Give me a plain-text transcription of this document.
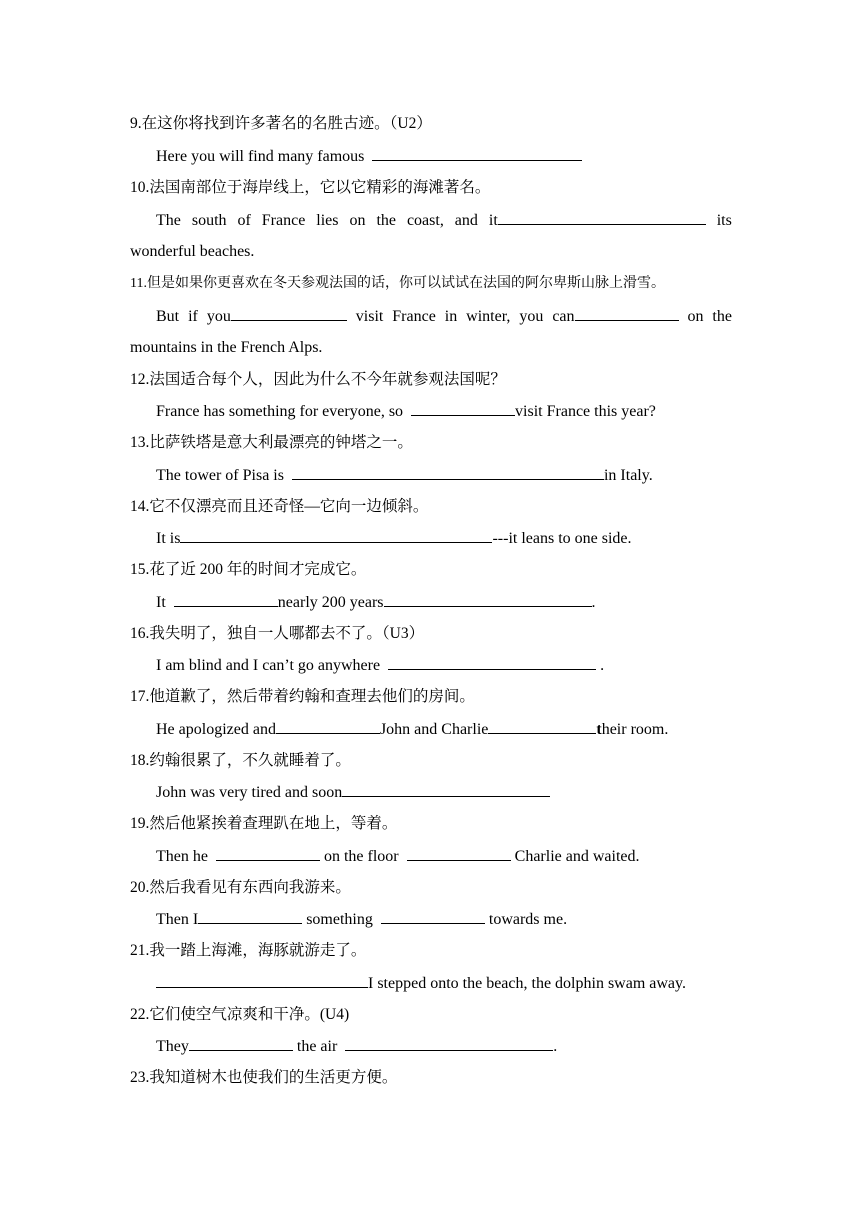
9.在这你将找到许多著名的名胜古迹。（U2）
Here you will find many famous
10.法国南部位于海岸线上，它以它精彩的海滩著名。
The south of France lies on the coast, and it	its
wonderful beaches.
11.但是如果你更喜欢在冬天参观法国的话，你可以试试在法国的阿尔卑斯山脉上滑雪。
But if you	visit France in winter, you can	on the
mountains in the French Alps.
12.法国适合每个人，因此为什么不今年就参观法国呢？
France has something for everyone, so	visit France this year?
13.比萨铁塔是意大利最漂亮的钟塔之一。
The tower of Pisa is	in Italy.
14.它不仅漂亮而且还奇怪—它向一边倾斜。
It is	---it leans to one side.
15.花了近 200 年的时间才完成它。
It	nearly 200 years	.
16.我失明了，独自一人哪都去不了。（U3）
I am blind and I can’t go anywhere	.
17.他道歉了，然后带着约翰和查理去他们的房间。
He apologized and	John and Charlie	their room.
18.约翰很累了，不久就睡着了。
John was very tired and soon
19.然后他紧挨着查理趴在地上，等着。
Then he	on the floor	Charlie and waited.
20.然后我看见有东西向我游来。
Then I	something	towards me.
21.我一踏上海滩，海豚就游走了。
I stepped onto the beach, the dolphin swam away.
22.它们使空气凉爽和干净。(U4)
They	the air	.
23.我知道树木也使我们的生活更方便。
